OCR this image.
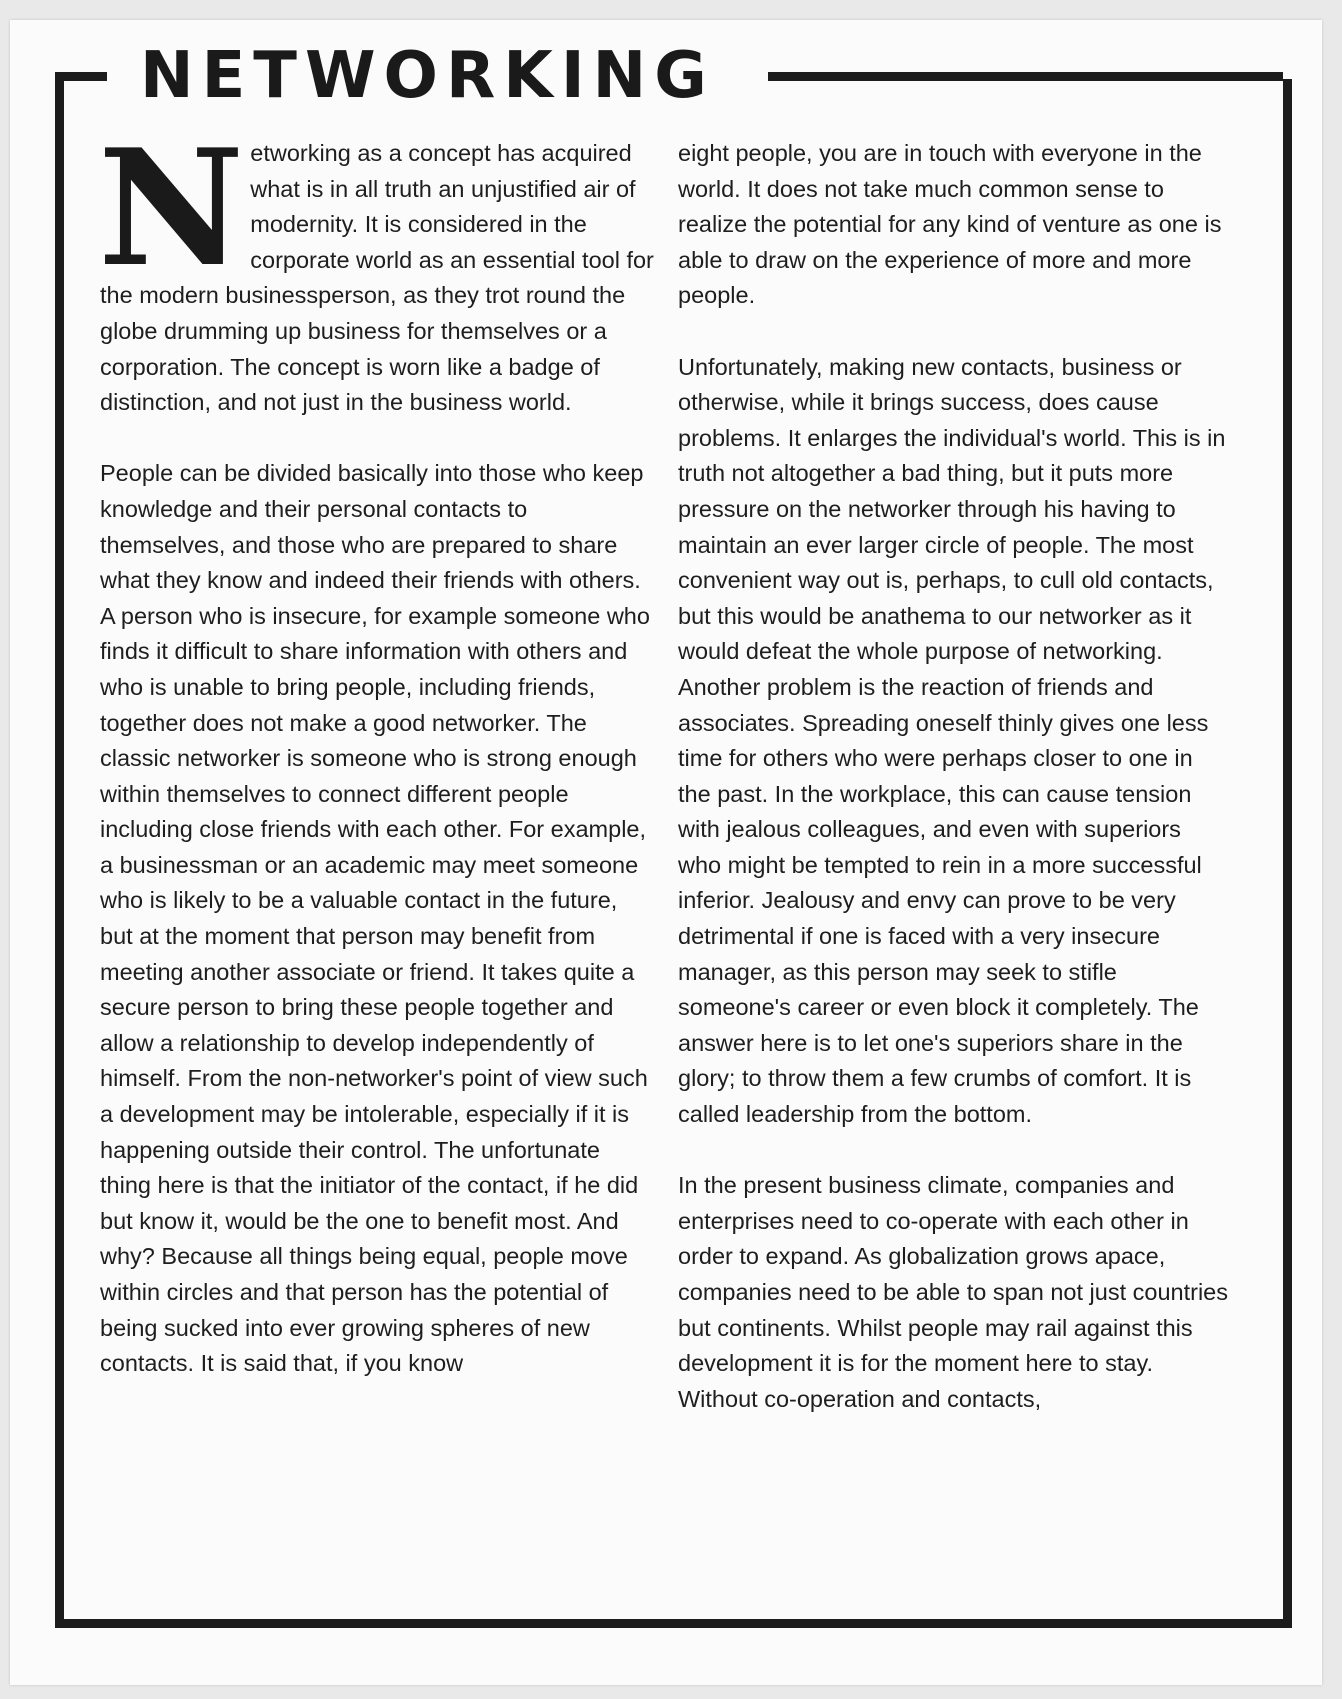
NETWORKING

Networking as a concept has acquired what is in all truth an unjustified air of modernity. It is considered in the corporate world as an essential tool for the modern businessperson, as they trot round the globe drumming up business for themselves or a corporation. The concept is worn like a badge of distinction, and not just in the business world.

People can be divided basically into those who keep knowledge and their personal contacts to themselves, and those who are prepared to share what they know and indeed their friends with others. A person who is insecure, for example someone who finds it difficult to share information with others and who is unable to bring people, including friends, together does not make a good networker. The classic networker is someone who is strong enough within themselves to connect different people including close friends with each other. For example, a businessman or an academic may meet someone who is likely to be a valuable contact in the future, but at the moment that person may benefit from meeting another associate or friend. It takes quite a secure person to bring these people together and allow a relationship to develop independently of himself. From the non-networker's point of view such a development may be intolerable, especially if it is happening outside their control. The unfortunate thing here is that the initiator of the contact, if he did but know it, would be the one to benefit most. And why? Because all things being equal, people move within circles and that person has the potential of being sucked into ever growing spheres of new contacts. It is said that, if you know

eight people, you are in touch with everyone in the world. It does not take much common sense to realize the potential for any kind of venture as one is able to draw on the experience of more and more people.

Unfortunately, making new contacts, business or otherwise, while it brings success, does cause problems. It enlarges the individual's world. This is in truth not altogether a bad thing, but it puts more pressure on the networker through his having to maintain an ever larger circle of people. The most convenient way out is, perhaps, to cull old contacts, but this would be anathema to our networker as it would defeat the whole purpose of networking. Another problem is the reaction of friends and associates. Spreading oneself thinly gives one less time for others who were perhaps closer to one in the past. In the workplace, this can cause tension with jealous colleagues, and even with superiors who might be tempted to rein in a more successful inferior. Jealousy and envy can prove to be very detrimental if one is faced with a very insecure manager, as this person may seek to stifle someone's career or even block it completely. The answer here is to let one's superiors share in the glory; to throw them a few crumbs of comfort. It is called leadership from the bottom.

In the present business climate, companies and enterprises need to co-operate with each other in order to expand. As globalization grows apace, companies need to be able to span not just countries but continents. Whilst people may rail against this development it is for the moment here to stay. Without co-operation and contacts,
